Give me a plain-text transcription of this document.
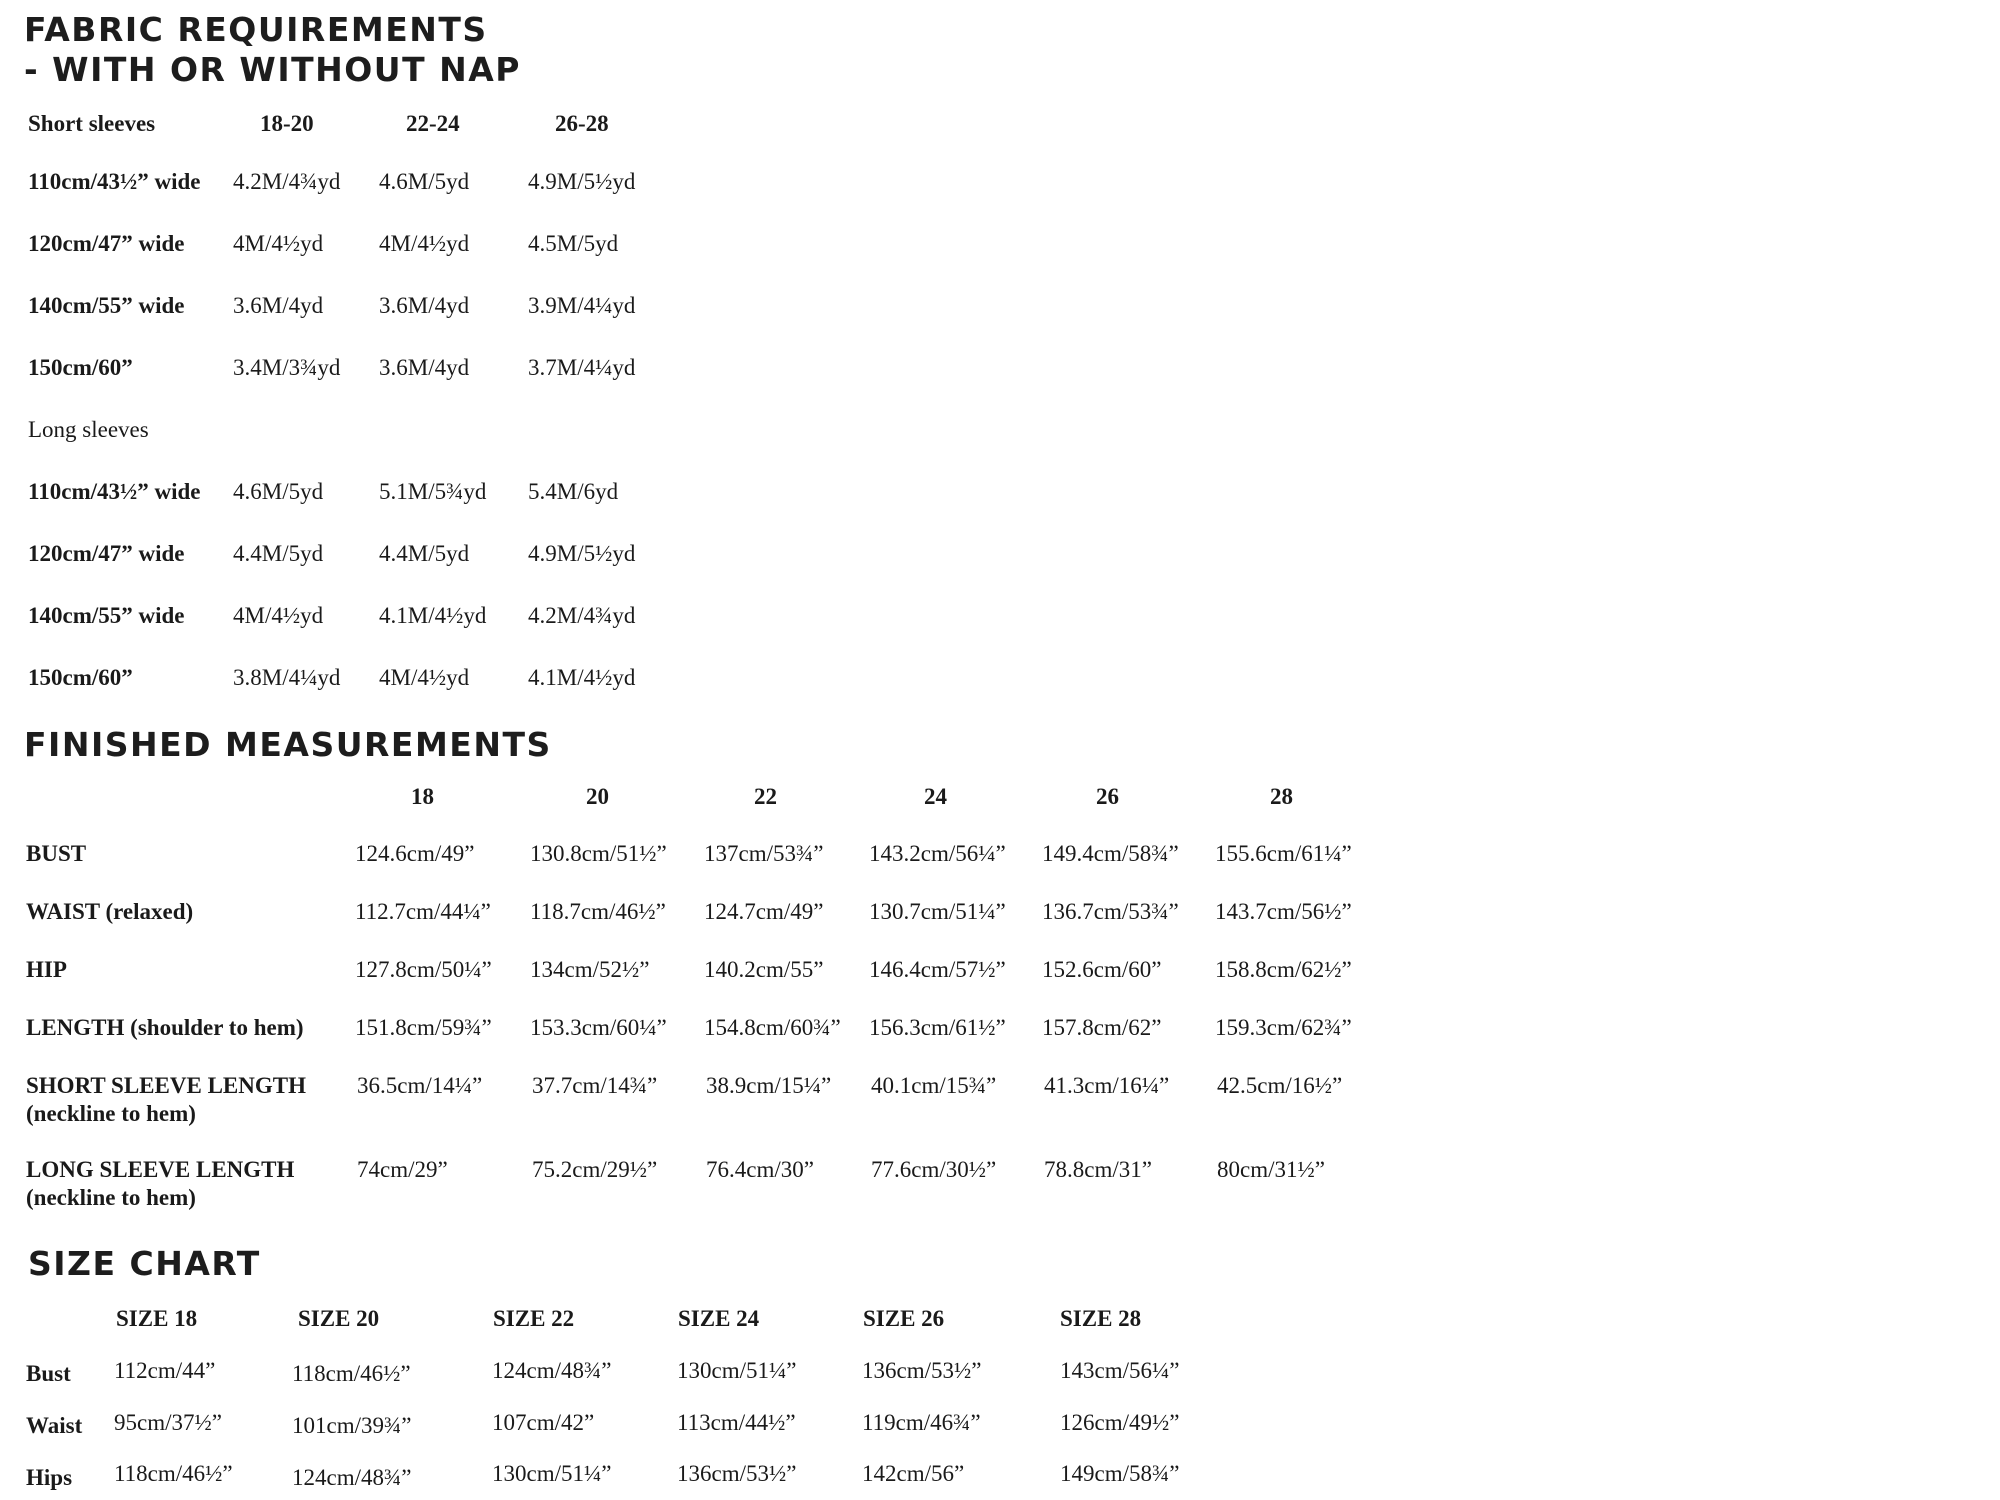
FABRIC REQUIREMENTS
- WITH OR WITHOUT NAP
FINISHED MEASUREMENTS
SIZE CHART
Short sleeves	18-20	22-24	26-28
110cm/43½” wide 4.2M/4¾yd 4.6M/5yd	4.9M/5½yd
120cm/47” wide 4M/4½yd 4M/4½yd	4.5M/5yd
140cm/55” wide 3.6M/4yd 3.6M/4yd	3.9M/4¼yd
150cm/60”	3.4M/3¾yd 3.6M/4yd	3.7M/4¼yd
Long sleeves
110cm/43½” wide 4.6M/5yd 5.1M/5¾yd 5.4M/6yd
120cm/47” wide 4.4M/5yd 4.4M/5yd	4.9M/5½yd
140cm/55” wide 4M/4½yd 4.1M/4½yd 4.2M/4¾yd
150cm/60”	3.8M/4¼yd 4M/4½yd	4.1M/4½yd
18	20	22	24	26	28
BUST	124.6cm/49” 130.8cm/51½” 137cm/53¾” 143.2cm/56¼” 149.4cm/58¾” 155.6cm/61¼”
WAIST (relaxed)	112.7cm/44¼” 118.7cm/46½” 124.7cm/49” 130.7cm/51¼” 136.7cm/53¾” 143.7cm/56½”
HIP	127.8cm/50¼” 134cm/52½” 140.2cm/55” 146.4cm/57½” 152.6cm/60” 158.8cm/62½”
LENGTH (shoulder to hem) 151.8cm/59¾” 153.3cm/60¼” 154.8cm/60¾” 156.3cm/61½” 157.8cm/62” 159.3cm/62¾”
SHORT SLEEVE LENGTH
(neckline to hem)
36.5cm/14¼” 37.7cm/14¾” 38.9cm/15¼” 40.1cm/15¾” 41.3cm/16¼” 42.5cm/16½”
LONG SLEEVE LENGTH
(neckline to hem)
74cm/29”	75.2cm/29½” 76.4cm/30” 77.6cm/30½” 78.8cm/31”	80cm/31½”
SIZE 18	SIZE 20	SIZE 22	SIZE 24	SIZE 26	SIZE 28
Bust 112cm/44”	118cm/46½”	124cm/48¾”	130cm/51¼”	136cm/53½”	143cm/56¼”
Waist 95cm/37½”	101cm/39¾”	107cm/42”	113cm/44½”	119cm/46¾”	126cm/49½”
Hips 118cm/46½”	124cm/48¾”	130cm/51¼”	136cm/53½”	142cm/56”	149cm/58¾”
